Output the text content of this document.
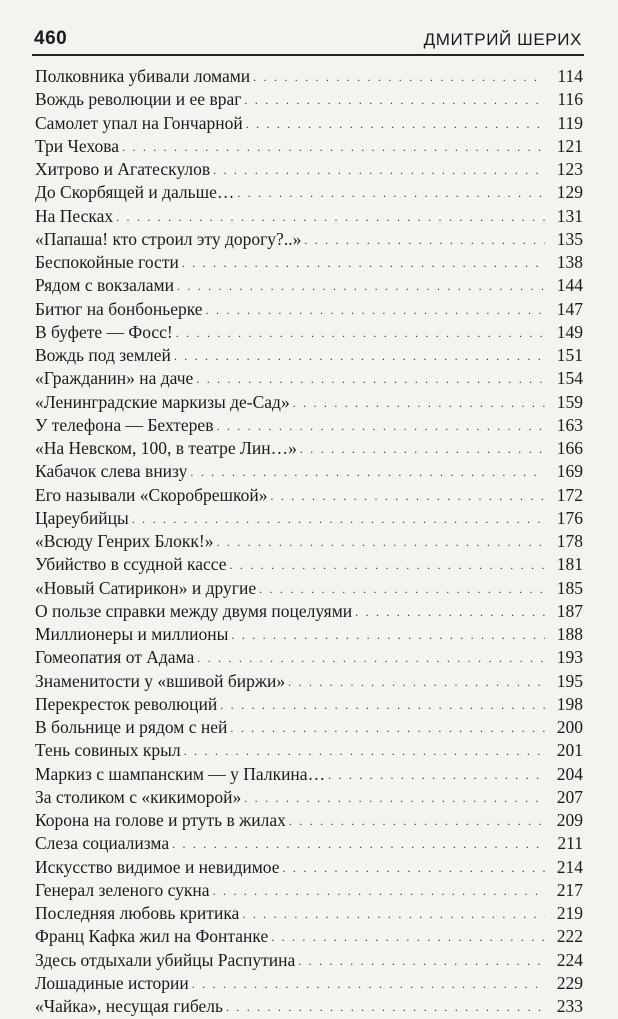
460	ДМИТРИЙ ШЕРИХ
Полковника убивали ломами . . .	114
Вождь революции и ее враг . . .	116
Самолет упал на Гончарной . . .	119
Три Чехова . . .	121
Хитрово и Агатескулов . . .	123
До Скорбящей и дальше… . . .	129
На Песках . . .	131
«Папаша! кто строил эту дорогу?..» . . .	135
Беспокойные гости . . .	138
Рядом с вокзалами . . .	144
Битюг на бонбоньерке . . .	147
В буфете — Фосс! . . .	149
Вождь под землей . . .	151
«Гражданин» на даче . . .	154
«Ленинградские маркизы де-Сад» . . .	159
У телефона — Бехтерев . . .	163
«На Невском, 100, в театре Лин…» . . .	166
Кабачок слева внизу . . .	169
Его называли «Скоробрешкой» . . .	172
Цареубийцы . . .	176
«Всюду Генрих Блокк!» . . .	178
Убийство в ссудной кассе . . .	181
«Новый Сатирикон» и другие . . .	185
О пользе справки между двумя поцелуями . . .	187
Миллионеры и миллионы . . .	188
Гомеопатия от Адама . . .	193
Знаменитости у «вшивой биржи» . . .	195
Перекресток революций . . .	198
В больнице и рядом с ней . . .	200
Тень совиных крыл . . .	201
Маркиз с шампанским — у Палкина… . . .	204
За столиком с «кикиморой» . . .	207
Корона на голове и ртуть в жилах . . .	209
Слеза социализма . . .	211
Искусство видимое и невидимое . . .	214
Генерал зеленого сукна . . .	217
Последняя любовь критика . . .	219
Франц Кафка жил на Фонтанке . . .	222
Здесь отдыхали убийцы Распутина . . .	224
Лошадиные истории . . .	229
«Чайка», несущая гибель . . .	233
